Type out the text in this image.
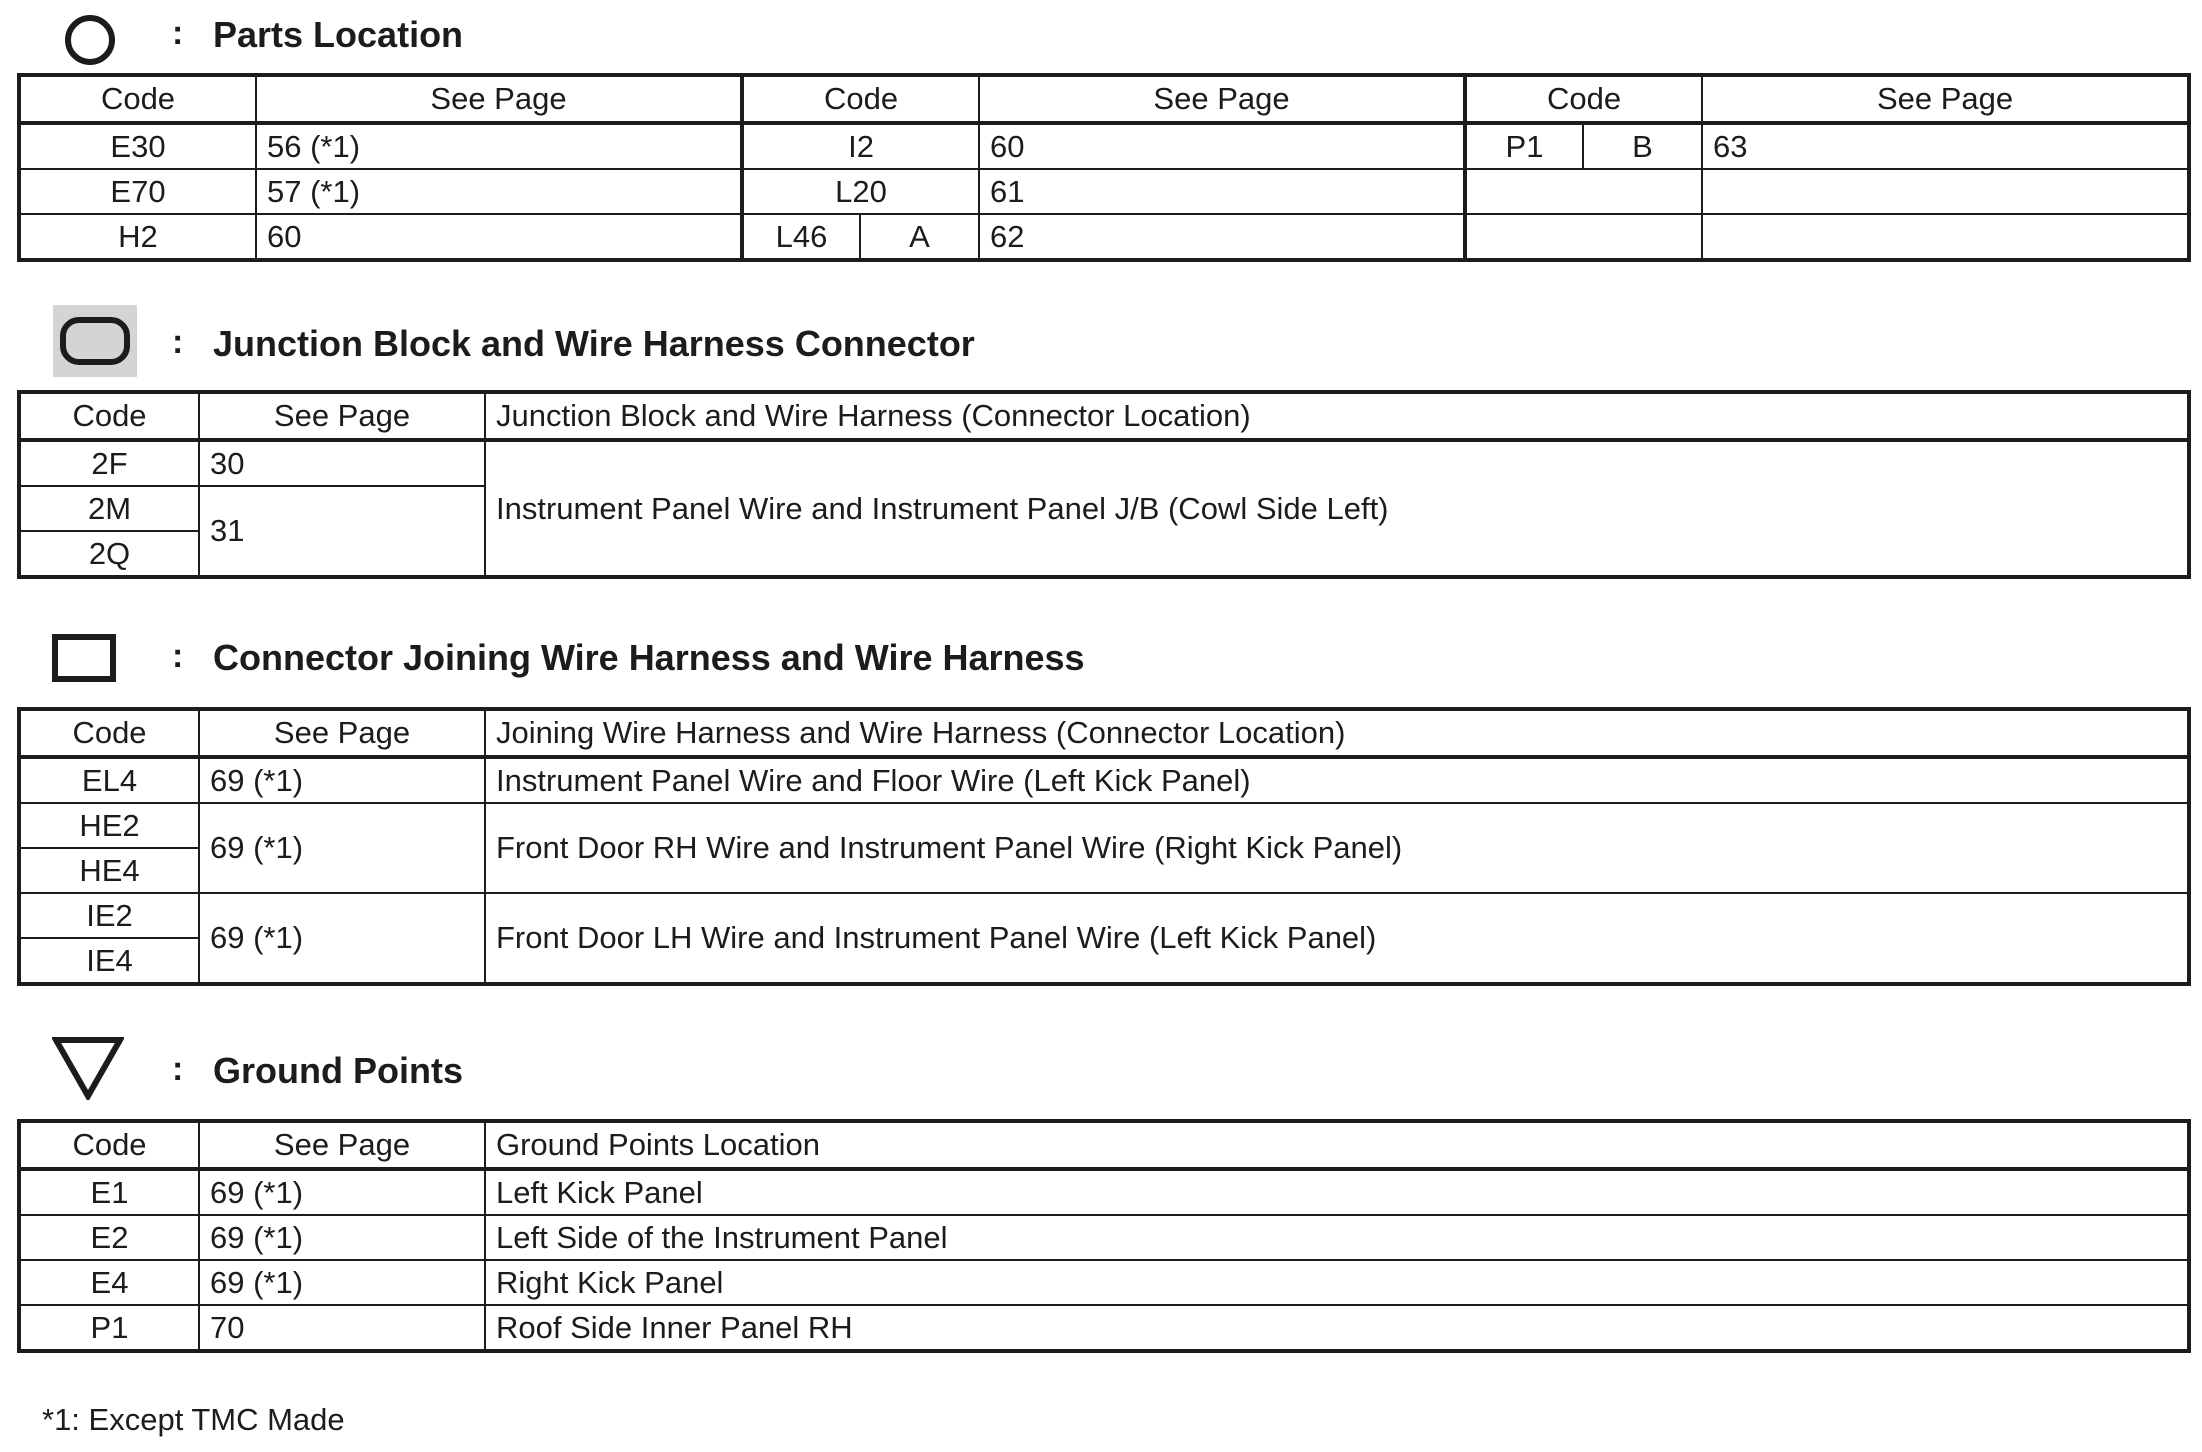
: Parts Location
Code	See Page	Code		See Page	Code		See Page
E30	56 (*1)	I2		60	P1	B	63
E70	57 (*1)	L20		61			
H2	60	L46	A	62			
: Junction Block and Wire Harness Connector
Code	See Page	Junction Block and Wire Harness (Connector Location)
2F	30	Instrument Panel Wire and Instrument Panel J/B (Cowl Side Left)
2M	31	
2Q		
: Connector Joining Wire Harness and Wire Harness
Code	See Page	Joining Wire Harness and Wire Harness (Connector Location)
EL4	69 (*1)	Instrument Panel Wire and Floor Wire (Left Kick Panel)
HE2	69 (*1)	Front Door RH Wire and Instrument Panel Wire (Right Kick Panel)
HE4		
IE2	69 (*1)	Front Door LH Wire and Instrument Panel Wire (Left Kick Panel)
IE4		
: Ground Points
Code	See Page	Ground Points Location
E1	69 (*1)	Left Kick Panel
E2	69 (*1)	Left Side of the Instrument Panel
E4	69 (*1)	Right Kick Panel
P1	70	Roof Side Inner Panel RH
*1: Except TMC Made
